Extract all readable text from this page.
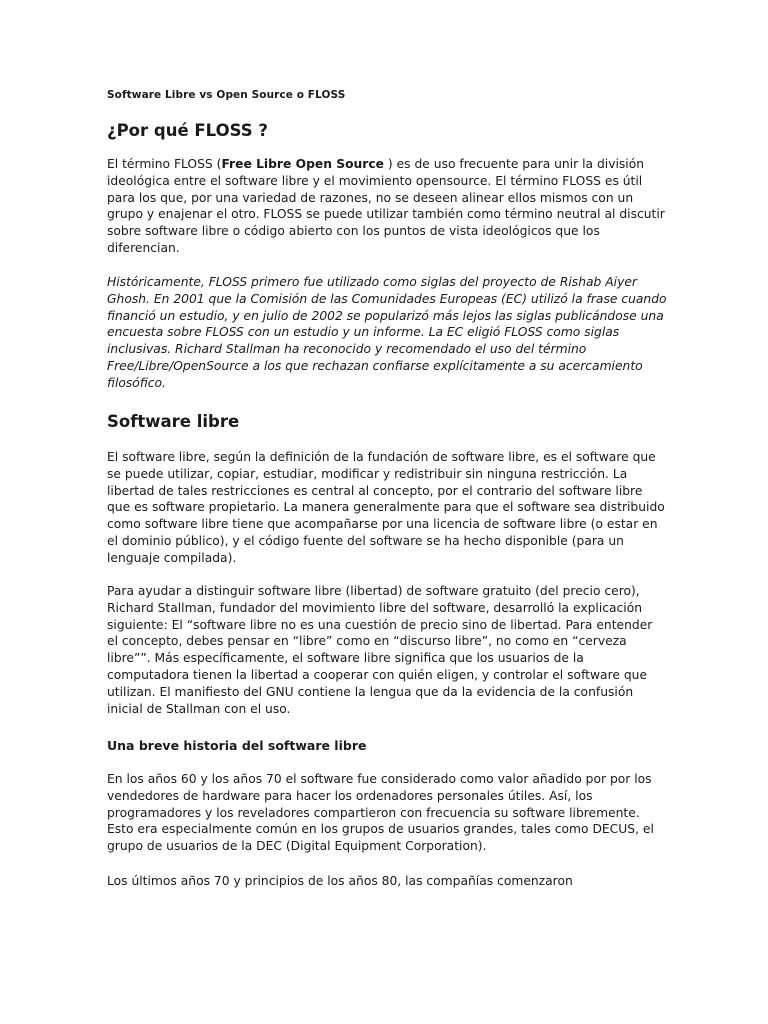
Software Libre vs Open Source o FLOSS
¿Por qué FLOSS ?

El término FLOSS (Free Libre Open Source ) es de uso frecuente para unir la división ideológica entre el software libre y el movimiento opensource. El término FLOSS es útil para los que, por una variedad de razones, no se deseen alinear ellos mismos con un grupo y enajenar el otro. FLOSS se puede utilizar también como término neutral al discutir sobre software libre o código abierto con los puntos de vista ideológicos que los diferencian.

Históricamente, FLOSS primero fue utilizado como siglas del proyecto de Rishab Aiyer Ghosh. En 2001 que la Comisión de las Comunidades Europeas (EC) utilizó la frase cuando financió un estudio, y en julio de 2002 se popularizó más lejos las siglas publicándose una encuesta sobre FLOSS con un estudio y un informe. La EC eligió FLOSS como siglas inclusivas. Richard Stallman ha reconocido y recomendado el uso del término Free/Libre/OpenSource a los que rechazan confiarse explícitamente a su acercamiento filosófico.

Software libre

El software libre, según la definición de la fundación de software libre, es el software que se puede utilizar, copiar, estudiar, modificar y redistribuir sin ninguna restricción. La libertad de tales restricciones es central al concepto, por el contrario del software libre que es software propietario. La manera generalmente para que el software sea distribuido como software libre tiene que acompañarse por una licencia de software libre (o estar en el dominio público), y el código fuente del software se ha hecho disponible (para un lenguaje compilada).

Para ayudar a distinguir software libre (libertad) de software gratuito (del precio cero), Richard Stallman, fundador del movimiento libre del software, desarrolló la explicación siguiente: El “software libre no es una cuestión de precio sino de libertad. Para entender el concepto, debes pensar en “libre” como en “discurso libre”, no como en “cerveza libre””. Más específicamente, el software libre significa que los usuarios de la computadora tienen la libertad a cooperar con quién eligen, y controlar el software que utilizan. El manifiesto del GNU contiene la lengua que da la evidencia de la confusión inicial de Stallman con el uso.

Una breve historia del software libre

En los años 60 y los años 70 el software fue considerado como valor añadido por por los vendedores de hardware para hacer los ordenadores personales útiles. Así, los programadores y los reveladores compartieron con frecuencia su software libremente. Esto era especialmente común en los grupos de usuarios grandes, tales como DECUS, el grupo de usuarios de la DEC (Digital Equipment Corporation).

Los últimos años 70 y principios de los años 80, las compañías comenzaron
